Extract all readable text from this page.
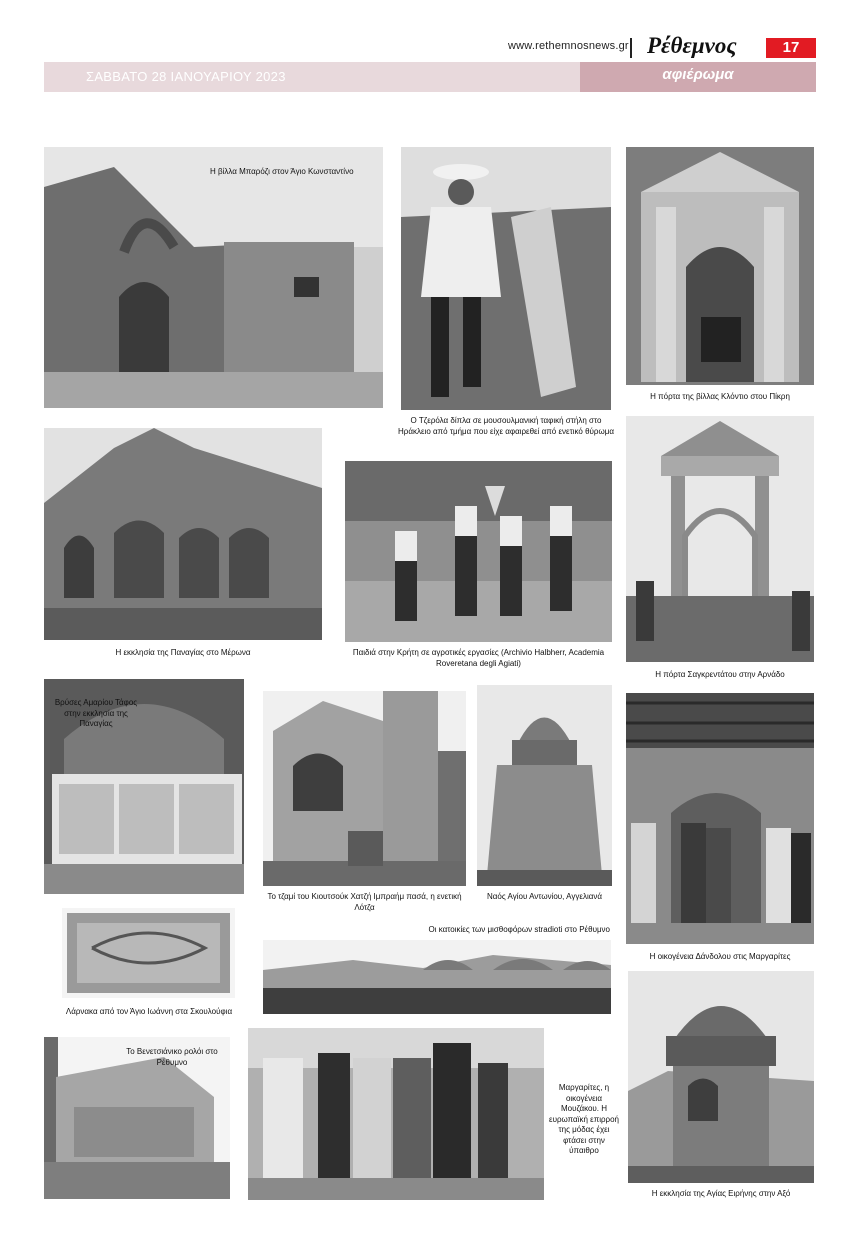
www.rethemnosnews.gr Ρέθεμνος	17
ΣΑΒΒΑΤΟ 28 ΙΑΝΟΥΑΡΙΟΥ 2023	αφιέρωμα
Η βίλλα Μπαρόζι στον Άγιο Κωνσταντίνο
Ο Τζερόλα δίπλα σε μουσουλμανική ταφική στήλη στο Ηράκλειο από τμήμα που είχε αφαιρεθεί από ενετικό θύρωμα
Η πόρτα της βίλλας Κλόντιο στου Πίκρη
Η εκκλησία της Παναγίας στο Μέρωνα	Παιδιά στην Κρήτη σε αγροτικές εργασίες (Archivio Halbherr, Academia Roveretana degli Agiati)
Η πόρτα Σαγκρεντάτου στην Αρνάδο
Βρύσες Αμαρίου Τάφος στην εκκλησία της Παναγίας
Το τζαμί του Κιουτσούκ Χατζή Ιμπραήμ πασά, η ενετική Λότζα
Ναός Αγίου Αντωνίου, Αγγελιανά
Η οικογένεια Δάνδολου στις Μαργαρίτες
Λάρνακα από τον Άγιο Ιωάννη στα Σκουλούφια
Οι κατοικίες των μισθοφόρων stradioti στο Ρέθυμνο
Το Βενετσιάνικο ρολόι στο Ρέθυμνο
Μαργαρίτες, η οικογένεια Μουζάκου. Η ευρωπαϊκή επιρροή της μόδας έχει φτάσει στην ύπαιθρο
Η εκκλησία της Αγίας Ειρήνης στην Αξό
